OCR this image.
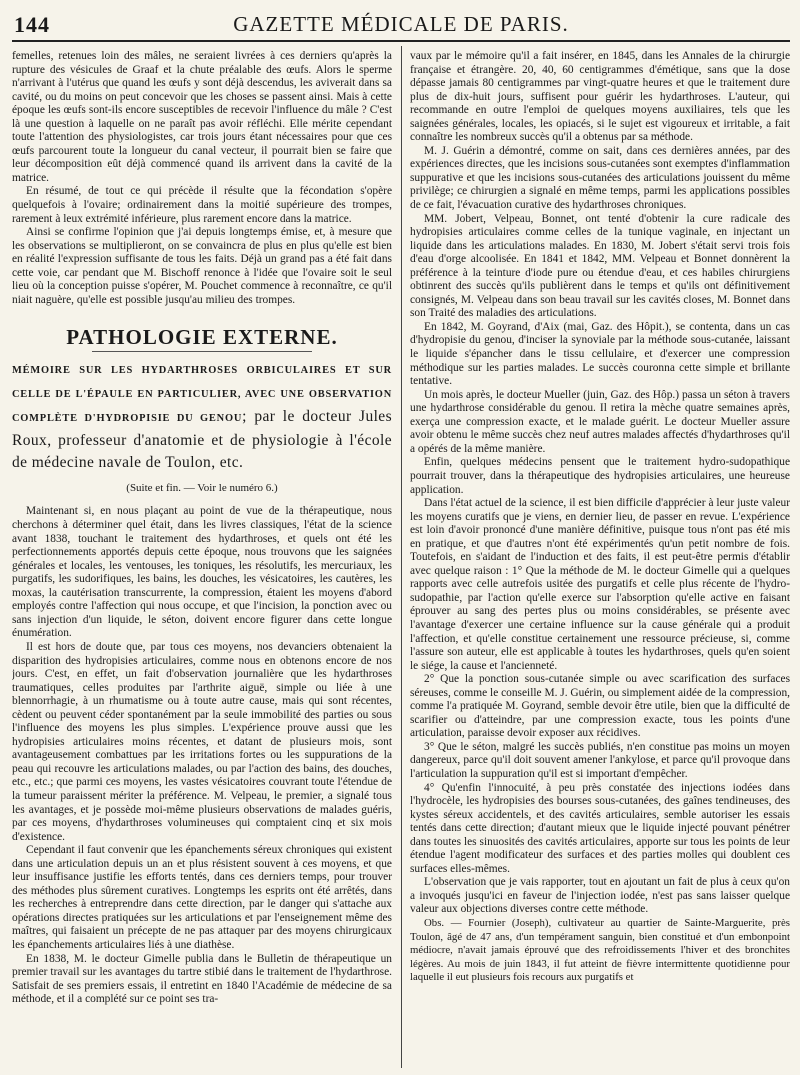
144	GAZETTE MÉDICALE DE PARIS.

femelles, retenues loin des mâles, ne seraient livrées à ces derniers qu'après la rupture des vésicules de Graaf et la chute préalable des œufs. Alors le sperme n'arrivant à l'utérus que quand les œufs y sont déjà descendus, les aviverait dans sa cavité, ou du moins on peut concevoir que les choses se passent ainsi. Mais à cette époque les œufs sont-ils encore susceptibles de recevoir l'influence du mâle ? C'est là une question à laquelle on ne paraît pas avoir réfléchi. Elle mérite cependant toute l'attention des physiologistes, car trois jours étant nécessaires pour que ces œufs parcourent toute la longueur du canal vecteur, il pourrait bien se faire que leur décomposition eût déjà commencé quand ils arrivent dans la cavité de la matrice.

En résumé, de tout ce qui précède il résulte que la fécondation s'opère quelquefois à l'ovaire; ordinairement dans la moitié supérieure des trompes, rarement à leux extrémité inférieure, plus rarement encore dans la matrice.

Ainsi se confirme l'opinion que j'ai depuis longtemps émise, et, à mesure que les observations se multiplieront, on se convaincra de plus en plus qu'elle est bien en réalité l'expression suffisante de tous les faits. Déjà un grand pas a été fait dans cette voie, car pendant que M. Bischoff renonce à l'idée que l'ovaire soit le seul lieu où la conception puisse s'opérer, M. Pouchet commence à reconnaître, ce qu'il niait naguère, qu'elle est possible jusqu'au milieu des trompes.

PATHOLOGIE EXTERNE.
MÉMOIRE SUR LES HYDARTHROSES ORBICULAIRES ET SUR CELLE DE L'ÉPAULE EN PARTICULIER, AVEC UNE OBSERVATION COMPLÈTE D'HYDROPISIE DU GENOU; par le docteur Jules Roux, professeur d'anatomie et de physiologie à l'école de médecine navale de Toulon, etc.
(Suite et fin. — Voir le numéro 6.)

Maintenant si, en nous plaçant au point de vue de la thérapeutique, nous cherchons à déterminer quel était, dans les livres classiques, l'état de la science avant 1838, touchant le traitement des hydarthroses, et quels ont été les perfectionnements apportés depuis cette époque, nous trouvons que les saignées générales et locales, les ventouses, les toniques, les résolutifs, les mercuriaux, les purgatifs, les sudorifiques, les bains, les douches, les vésicatoires, les cautères, les moxas, la cautérisation transcurrente, la compression, étaient les moyens d'abord employés contre l'affection qui nous occupe, et que l'incision, la ponction avec ou sans injection d'un liquide, le séton, doivent encore figurer dans cette longue énumération.

Il est hors de doute que, par tous ces moyens, nos devanciers obtenaient la disparition des hydropisies articulaires, comme nous en obtenons encore de nos jours. C'est, en effet, un fait d'observation journalière que les hydarthroses traumatiques, celles produites par l'arthrite aiguë, simple ou liée à une blennorrhagie, à un rhumatisme ou à toute autre cause, mais qui sont récentes, cèdent ou peuvent céder spontanément par la seule immobilité des parties ou sous l'influence des moyens les plus simples. L'expérience prouve aussi que les hydropisies articulaires moins récentes, et datant de plusieurs mois, sont avantageusement combattues par les irritations fortes ou les suppurations de la peau qui recouvre les articulations malades, ou par l'action des bains, des douches, etc., etc.; que parmi ces moyens, les vastes vésicatoires couvrant toute l'étendue de la tumeur paraissent mériter la préférence. M. Velpeau, le premier, a signalé tous les avantages, et je possède moi-même plusieurs observations de malades guéris, par ces moyens, d'hydarthroses volumineuses qui comptaient cinq et six mois d'existence.

Cependant il faut convenir que les épanchements séreux chroniques qui existent dans une articulation depuis un an et plus résistent souvent à ces moyens, et que leur insuffisance justifie les efforts tentés, dans ces derniers temps, pour trouver des méthodes plus sûrement curatives. Longtemps les esprits ont été arrêtés, dans les recherches à entreprendre dans cette direction, par le danger qui s'attache aux opérations directes pratiquées sur les articulations et par l'enseignement même des maîtres, qui faisaient un précepte de ne pas attaquer par des moyens chirurgicaux les épanchements articulaires liés à une diathèse.

En 1838, M. le docteur Gimelle publia dans le Bulletin de thérapeutique un premier travail sur les avantages du tartre stibié dans le traitement de l'hydarthrose. Satisfait de ses premiers essais, il entretint en 1840 l'Académie de médecine de sa méthode, et il a complété sur ce point ses tra-

vaux par le mémoire qu'il a fait insérer, en 1845, dans les Annales de la chirurgie française et étrangère. 20, 40, 60 centigrammes d'émétique, sans que la dose dépasse jamais 80 centigrammes par vingt-quatre heures et que le traitement dure plus de dix-huit jours, suffisent pour guérir les hydarthroses. L'auteur, qui recommande en outre l'emploi de quelques moyens auxiliaires, tels que les saignées générales, locales, les opiacés, si le sujet est vigoureux et irritable, a fait connaître les nombreux succès qu'il a obtenus par sa méthode.

M. J. Guérin a démontré, comme on sait, dans ces dernières années, par des expériences directes, que les incisions sous-cutanées sont exemptes d'inflammation suppurative et que les incisions sous-cutanées des articulations jouissent du même privilège; ce chirurgien a signalé en même temps, parmi les applications possibles de ce fait, l'évacuation curative des hydarthroses chroniques.

MM. Jobert, Velpeau, Bonnet, ont tenté d'obtenir la cure radicale des hydropisies articulaires comme celles de la tunique vaginale, en injectant un liquide dans les articulations malades. En 1830, M. Jobert s'était servi trois fois d'eau d'orge alcoolisée. En 1841 et 1842, MM. Velpeau et Bonnet donnèrent la préférence à la teinture d'iode pure ou étendue d'eau, et ces habiles chirurgiens obtinrent des succès qu'ils publièrent dans le temps et qu'ils ont définitivement consignés, M. Velpeau dans son beau travail sur les cavités closes, M. Bonnet dans son Traité des maladies des articulations.

En 1842, M. Goyrand, d'Aix (mai, Gaz. des Hôpit.), se contenta, dans un cas d'hydropisie du genou, d'inciser la synoviale par la méthode sous-cutanée, laissant le liquide s'épancher dans le tissu cellulaire, et d'exercer une compression méthodique sur les parties malades. Le succès couronna cette simple et brillante tentative.

Un mois après, le docteur Mueller (juin, Gaz. des Hôp.) passa un séton à travers une hydarthrose considérable du genou. Il retira la mèche quatre semaines après, exerça une compression exacte, et le malade guérit. Le docteur Mueller assure avoir obtenu le même succès chez neuf autres malades affectés d'hydarthroses qu'il a opérés de la même manière.

Enfin, quelques médecins pensent que le traitement hydro-sudopathique pourrait trouver, dans la thérapeutique des hydropisies articulaires, une heureuse application.

Dans l'état actuel de la science, il est bien difficile d'apprécier à leur juste valeur les moyens curatifs que je viens, en dernier lieu, de passer en revue. L'expérience est loin d'avoir prononcé d'une manière définitive, puisque tous n'ont pas été mis en pratique, et que d'autres n'ont été expérimentés qu'un petit nombre de fois. Toutefois, en s'aidant de l'induction et des faits, il est peut-être permis d'établir avec quelque raison : 1° Que la méthode de M. le docteur Gimelle qui a quelques rapports avec celle autrefois usitée des purgatifs et celle plus récente de l'hydro-sudopathie, par l'action qu'elle exerce sur l'absorption qu'elle active en faisant éprouver au sang des pertes plus ou moins considérables, se présente avec l'avantage d'exercer une certaine influence sur la cause générale qui a produit l'affection, et qu'elle constitue certainement une ressource précieuse, si, comme l'assure son auteur, elle est applicable à toutes les hydarthroses, quels qu'en soient le siége, la cause et l'ancienneté.

2° Que la ponction sous-cutanée simple ou avec scarification des surfaces séreuses, comme le conseille M. J. Guérin, ou simplement aidée de la compression, comme l'a pratiquée M. Goyrand, semble devoir être utile, bien que la difficulté de scarifier ou d'atteindre, par une compression exacte, tous les points d'une articulation, paraisse devoir exposer aux récidives.

3° Que le séton, malgré les succès publiés, n'en constitue pas moins un moyen dangereux, parce qu'il doit souvent amener l'ankylose, et parce qu'il provoque dans l'articulation la suppuration qu'il est si important d'empêcher.

4° Qu'enfin l'innocuité, à peu près constatée des injections iodées dans l'hydrocèle, les hydropisies des bourses sous-cutanées, des gaînes tendineuses, des kystes séreux accidentels, et des cavités articulaires, semble autoriser les essais tentés dans cette direction; d'autant mieux que le liquide injecté pouvant pénétrer dans toutes les sinuosités des cavités articulaires, apporte sur tous les points de leur étendue l'agent modificateur des surfaces et des parties molles qui doublent ces surfaces elles-mêmes.

L'observation que je vais rapporter, tout en ajoutant un fait de plus à ceux qu'on a invoqués jusqu'ici en faveur de l'injection iodée, n'est pas sans laisser quelque valeur aux objections diverses contre cette méthode.

Obs. — Fournier (Joseph), cultivateur au quartier de Sainte-Marguerite, près Toulon, âgé de 47 ans, d'un tempérament sanguin, bien constitué et d'un embonpoint médiocre, n'avait jamais éprouvé que des refroidissements l'hiver et des bronchites légères. Au mois de juin 1843, il fut atteint de fièvre intermittente quotidienne pour laquelle il eut plusieurs fois recours aux purgatifs et
